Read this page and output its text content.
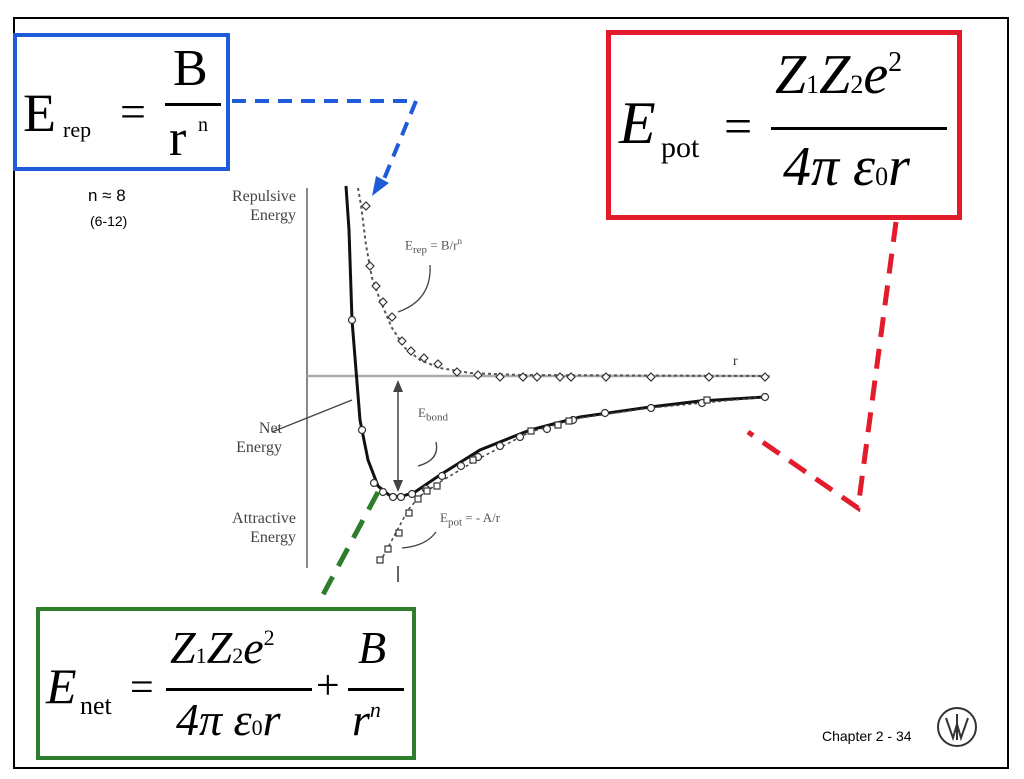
Repulsive
Energy
Net
Energy
Attractive
Energy
r
$E_{rep} = B/r^n$
$E_{bond}$
$E_{pot}$ = - A/r
n ≈ 8
(6-12)
E rep =
B
r n	E pot =
$Z1Z2e^2$
4π ε0r
E net =
$Z1Z2e^2$
4π ε0r
+
B
$r^n$
Chapter 2 - 34
